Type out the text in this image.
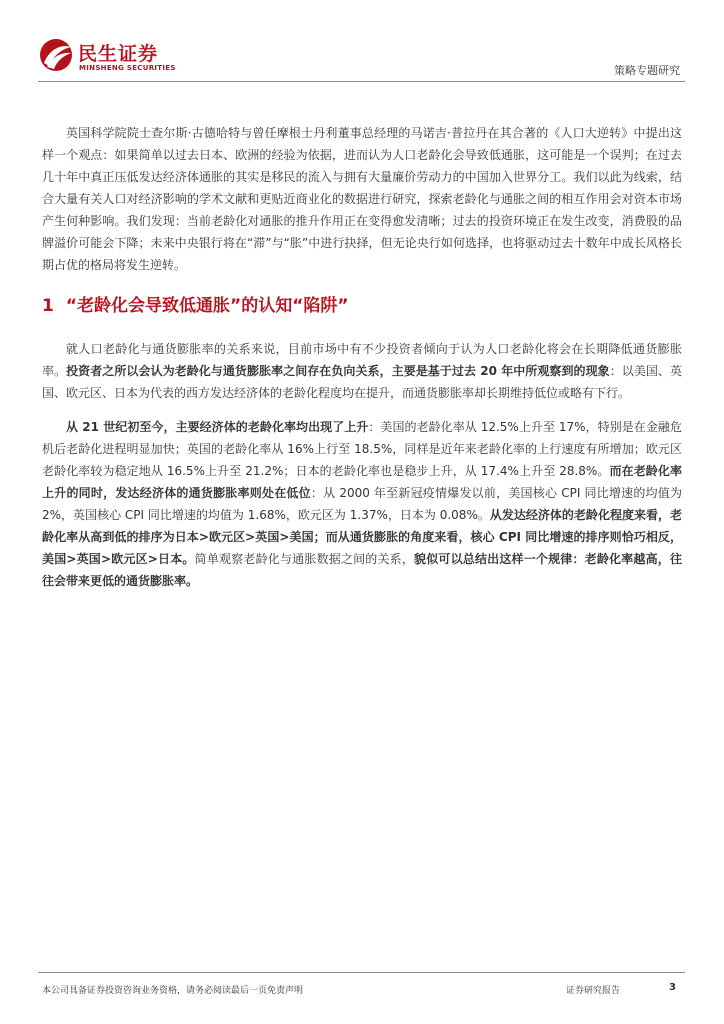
民生证券
MINSHENG SECURITIES	策略专题研究

英国科学院院士查尔斯·古德哈特与曾任摩根士丹利董事总经理的马诺吉·普拉丹在其合著的《人口大逆转》中提出这样一个观点：如果简单以过去日本、欧洲的经验为依据，进而认为人口老龄化会导致低通胀，这可能是一个误判；在过去几十年中真正压低发达经济体通胀的其实是移民的流入与拥有大量廉价劳动力的中国加入世界分工。我们以此为线索，结合大量有关人口对经济影响的学术文献和更贴近商业化的数据进行研究，探索老龄化与通胀之间的相互作用会对资本市场产生何种影响。我们发现：当前老龄化对通胀的推升作用正在变得愈发清晰；过去的投资环境正在发生改变，消费股的品牌溢价可能会下降；未来中央银行将在“滞”与“胀”中进行抉择，但无论央行如何选择，也将驱动过去十数年中成长风格长期占优的格局将发生逆转。

1 “老龄化会导致低通胀”的认知“陷阱”

就人口老龄化与通货膨胀率的关系来说，目前市场中有不少投资者倾向于认为人口老龄化将会在长期降低通货膨胀率。投资者之所以会认为老龄化与通货膨胀率之间存在负向关系，主要是基于过去 20 年中所观察到的现象：以美国、英国、欧元区、日本为代表的西方发达经济体的老龄化程度均在提升，而通货膨胀率却长期维持低位或略有下行。

从 21 世纪初至今，主要经济体的老龄化率均出现了上升：美国的老龄化率从 12.5%上升至 17%，特别是在金融危机后老龄化进程明显加快；英国的老龄化率从 16%上行至 18.5%，同样是近年来老龄化率的上行速度有所增加；欧元区老龄化率较为稳定地从 16.5%上升至 21.2%；日本的老龄化率也是稳步上升，从 17.4%上升至 28.8%。而在老龄化率上升的同时，发达经济体的通货膨胀率则处在低位：从 2000 年至新冠疫情爆发以前，美国核心 CPI 同比增速的均值为 2%，英国核心 CPI 同比增速的均值为 1.68%，欧元区为 1.37%，日本为 0.08%。从发达经济体的老龄化程度来看，老龄化率从高到低的排序为日本>欧元区>英国>美国；而从通货膨胀的角度来看，核心 CPI 同比增速的排序则恰巧相反，美国>英国>欧元区>日本。简单观察老龄化与通胀数据之间的关系，貌似可以总结出这样一个规律：老龄化率越高，往往会带来更低的通货膨胀率。

本公司具备证券投资咨询业务资格，请务必阅读最后一页免责声明	证券研究报告	3
